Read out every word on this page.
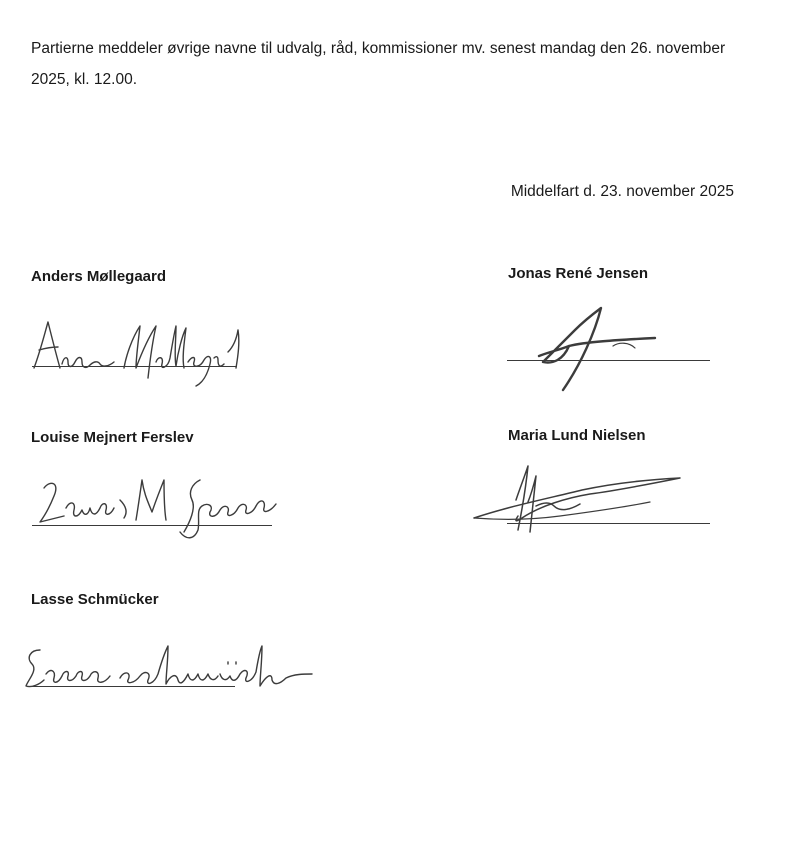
Partierne meddeler øvrige navne til udvalg, råd, kommissioner mv. senest mandag den 26. november 2025, kl. 12.00.

Middelfart d. 23. november 2025
Anders Møllegaard	Jonas René Jensen
Louise Mejnert Ferslev	Maria Lund Nielsen
Lasse Schmücker
